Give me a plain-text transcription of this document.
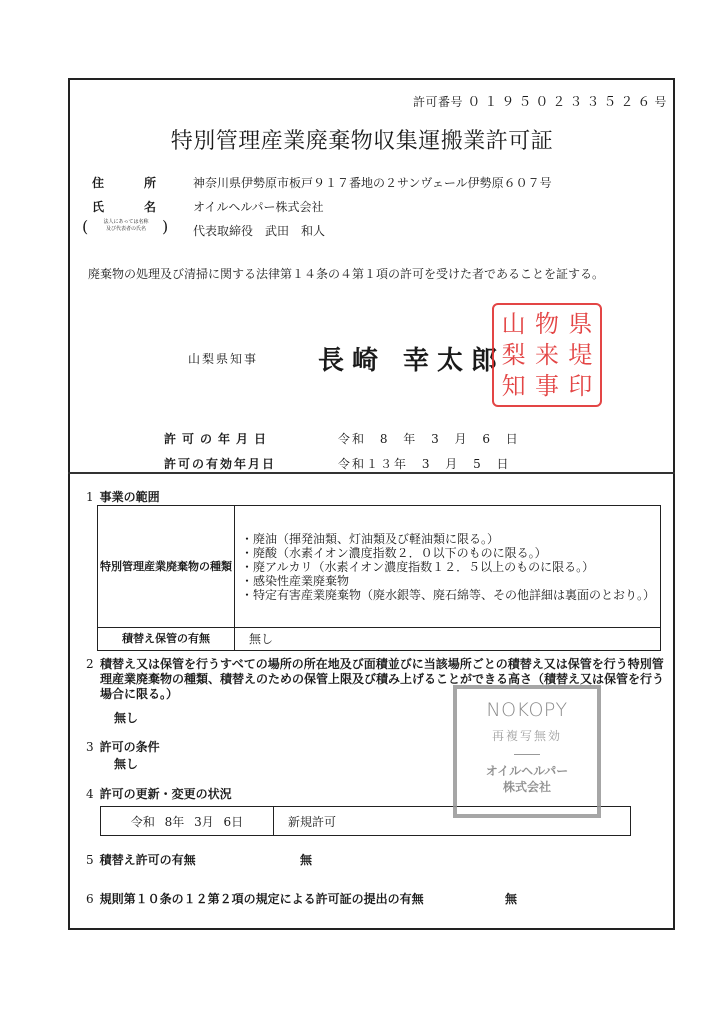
許可番号 ０１９５０２３３５２６号
特別管理産業廃棄物収集運搬業許可証
住	所	神奈川県伊勢原市板戸９１７番地の２サンヴェール伊勢原６０７号
氏	名	オイルヘルパー株式会社
(	法人にあっては名称
及び代表者の氏名	) 代表取締役　武田　和人
廃棄物の処理及び清掃に関する法律第１４条の４第１項の許可を受けた者であることを証する。
山梨県知事 長崎 幸太郎
山 物 県
梨 来 堤
知 事 印
許可の年月日	令和 8 年 3 月 6 日
許可の有効年月日	令和１３年 3 月 5 日
1 事業の範囲
特別管理産業廃棄物の種類	・廃油（揮発油類、灯油類及び軽油類に限る。）
・廃酸（水素イオン濃度指数２．０以下のものに限る。）
・廃アルカリ（水素イオン濃度指数１２．５以上のものに限る。）
・感染性産業廃棄物
・特定有害産業廃棄物（廃水銀等、廃石綿等、その他詳細は裏面のとおり。）

積替え保管の有無	無し
2 積替え又は保管を行うすべての場所の所在地及び面積並びに当該場所ごとの積替え又は保管を行う特別管理産業廃棄物の種類、積替えのための保管上限及び積み上げることができる高さ（積替え又は保管を行う場合に限る。）
無し
3 許可の条件
無し
4 許可の更新・変更の状況
令和 8年 3月 6日	新規許可
5 積替え許可の有無	無
6 規則第１０条の１２第２項の規定による許可証の提出の有無	無
NOKOPY
再複写無効
オイルヘルパー
株式会社
